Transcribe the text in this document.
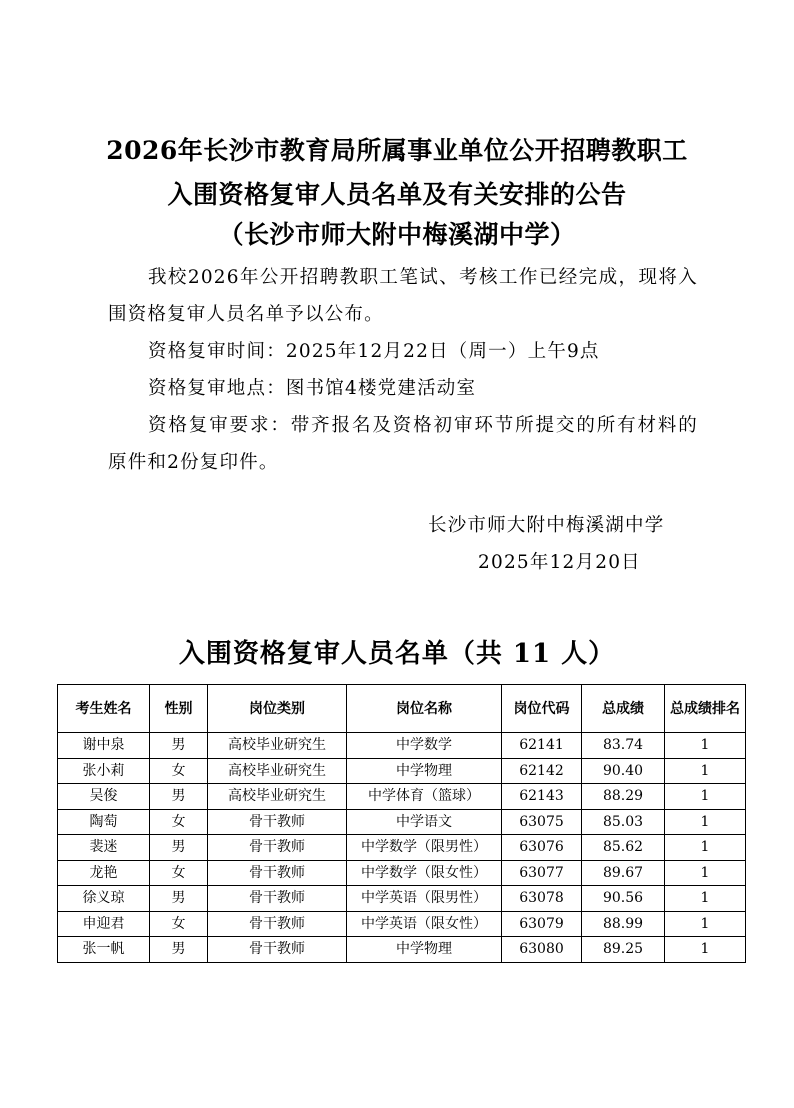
2026年长沙市教育局所属事业单位公开招聘教职工
入围资格复审人员名单及有关安排的公告
（长沙市师大附中梅溪湖中学）
我校2026年公开招聘教职工笔试、考核工作已经完成，现将入围资格复审人员名单予以公布。
资格复审时间：2025年12月22日（周一）上午9点
资格复审地点：图书馆4楼党建活动室
资格复审要求：带齐报名及资格初审环节所提交的所有材料的原件和2份复印件。
长沙市师大附中梅溪湖中学
2025年12月20日
入围资格复审人员名单（共 11 人）
考生姓名	性别	岗位类别	岗位名称	岗位代码	总成绩	总成绩排名
谢中泉	男	高校毕业研究生	中学数学	62141	83.74	1
张小莉	女	高校毕业研究生	中学物理	62142	90.40	1
吴俊	男	高校毕业研究生	中学体育（篮球）	62143	88.29	1
陶萄	女	骨干教师	中学语文	63075	85.03	1
裴迷	男	骨干教师	中学数学（限男性）	63076	85.62	1
龙艳	女	骨干教师	中学数学（限女性）	63077	89.67	1
徐义琼	男	骨干教师	中学英语（限男性）	63078	90.56	1
申迎君	女	骨干教师	中学英语（限女性）	63079	88.99	1
张一帆	男	骨干教师	中学物理	63080	89.25	1
